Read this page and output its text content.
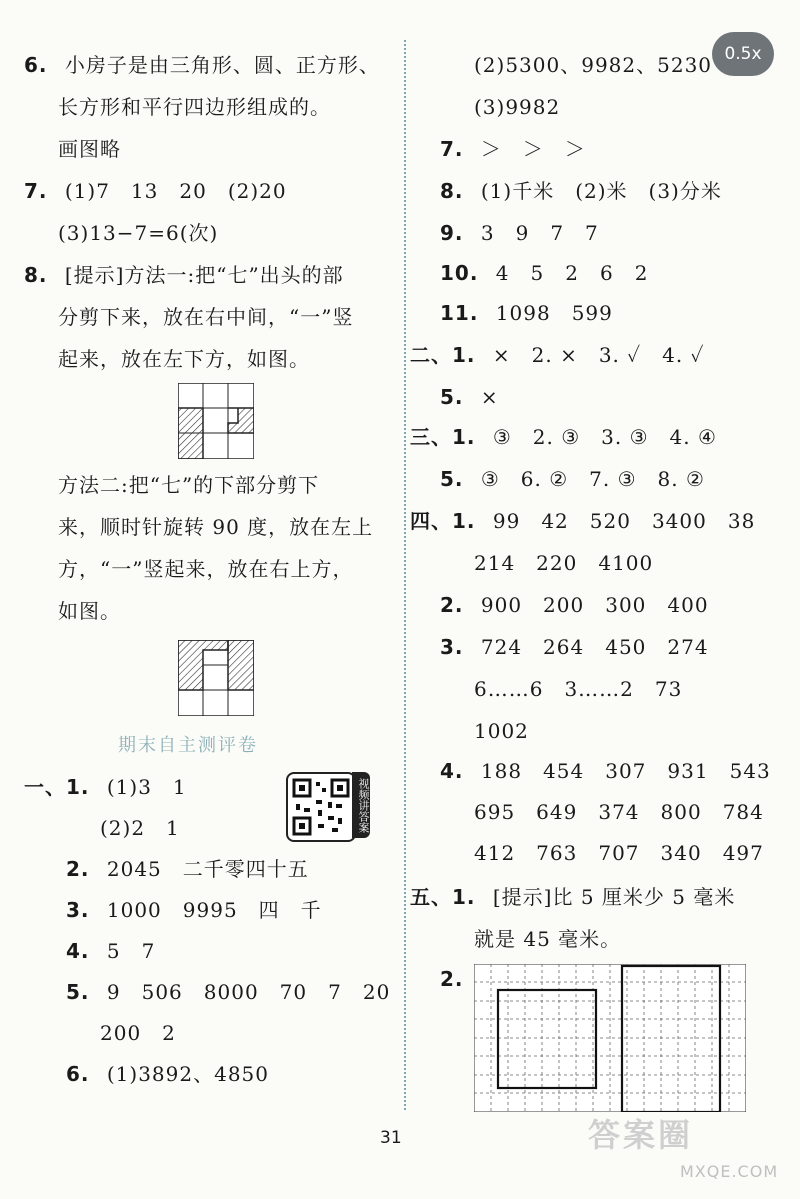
0.5x
6. 小房子是由三角形、圆、正方形、
长方形和平行四边形组成的。
画图略
7. (1)7　13　20　(2)20
(3)13−7=6(次)
8. [提示]方法一:把“七”出头的部
分剪下来，放在右中间，“一”竖
起来，放在左下方，如图。
方法二:把“七”的下部分剪下
来，顺时针旋转 90 度，放在左上
方，“一”竖起来，放在右上方，
如图。
期末自主测评卷
视频讲答案
一、1. (1)3　1
(2)2　1
2. 2045　二千零四十五
3. 1000　9995　四　千
4. 5　7
5. 9　506　8000　70　7　20
200　2
6. (1)3892、4850
(2)5300、9982、5230
(3)9982
7. ＞　＞　＞
8. (1)千米　(2)米　(3)分米
9. 3　9　7　7
10. 4　5　2　6　2
11. 1098　599
二、1. ×　2. ×　3. ✓　4. ✓
5. ×
三、1. ③　2. ③　3. ③　4. ④
5. ③　6. ②　7. ③　8. ②
四、1. 99　42　520　3400　38
214　220　4100
2. 900　200　300　400
3. 724　264　450　274
6……6　3……2　73
1002
4. 188　454　307　931　543
695　649　374　800　784
412　763　707　340　497
五、1. [提示]比 5 厘米少 5 毫米
就是 45 毫米。
2.
31	答案圈
MXQE.COM
